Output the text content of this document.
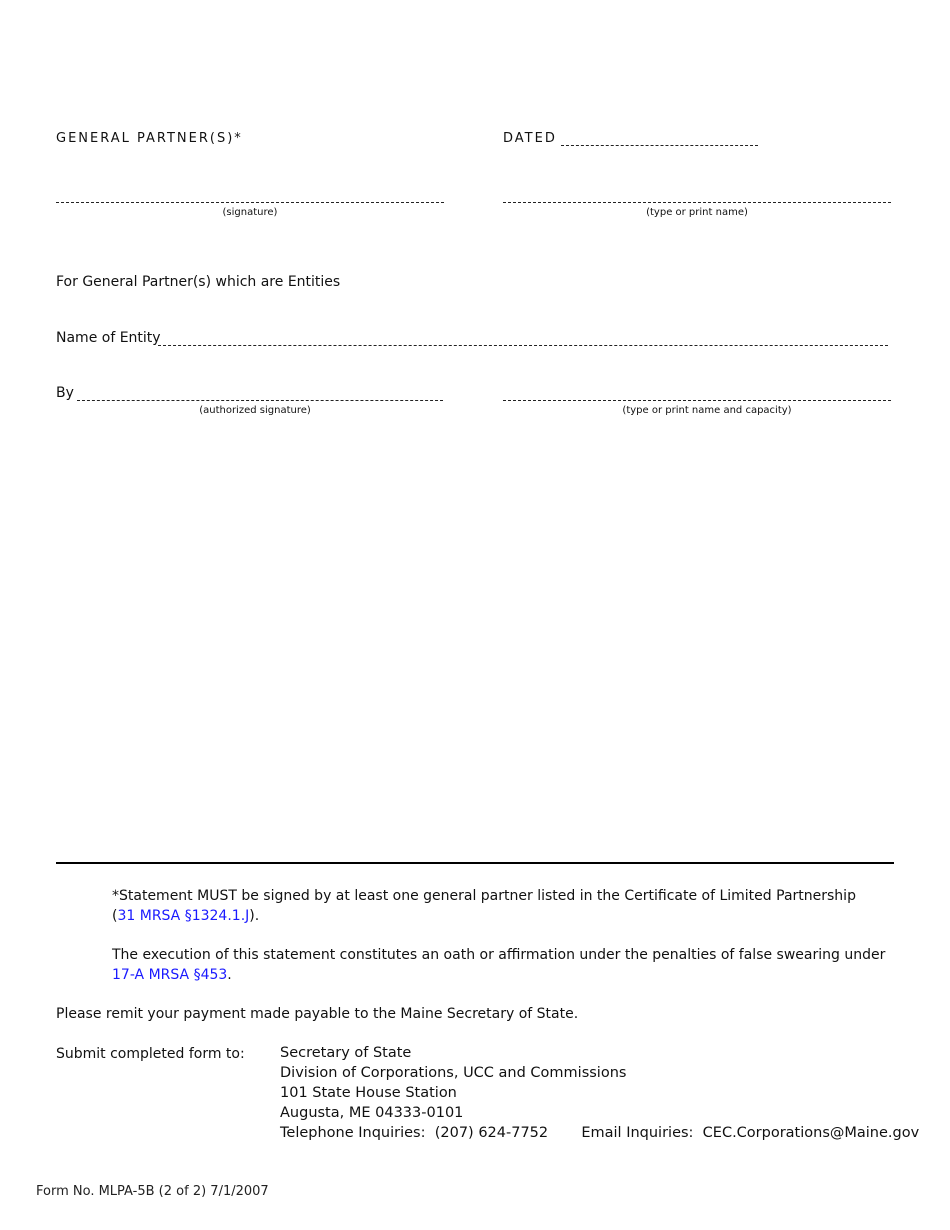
GENERAL PARTNER(S)*	DATED
(signature)	(type or print name)
For General Partner(s) which are Entities
Name of Entity
By
(authorized signature)	(type or print name and capacity)
*Statement MUST be signed by at least one general partner listed in the Certificate of Limited Partnership
(31 MRSA §1324.1.J).
The execution of this statement constitutes an oath or affirmation under the penalties of false swearing under
17-A MRSA §453.
Please remit your payment made payable to the Maine Secretary of State.
Submit completed form to: Secretary of State
Division of Corporations, UCC and Commissions
101 State House Station
Augusta, ME 04333-0101
Telephone Inquiries: (207) 624-7752 Email Inquiries: CEC.Corporations@Maine.gov
Form No. MLPA-5B (2 of 2) 7/1/2007
